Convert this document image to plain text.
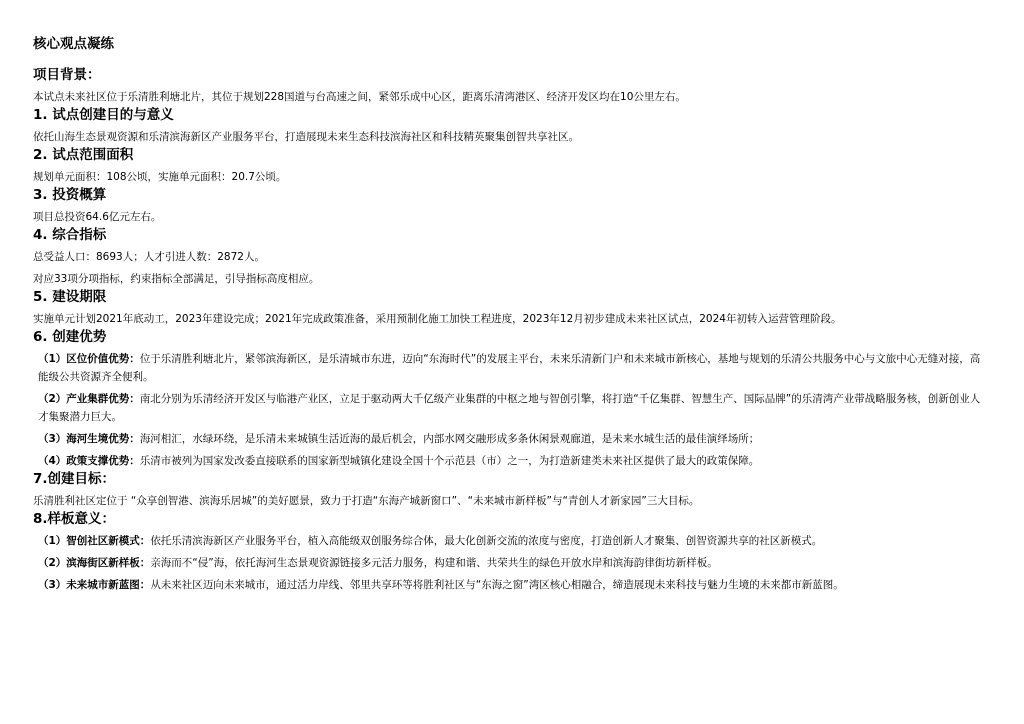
核心观点凝练
项目背景：
本试点未来社区位于乐清胜利塘北片，其位于规划228国道与台高速之间，紧邻乐成中心区，距离乐清湾港区、经济开发区均在10公里左右。
1. 试点创建目的与意义
依托山海生态景观资源和乐清滨海新区产业服务平台，打造展现未来生态科技滨海社区和科技精英聚集创智共享社区。
2. 试点范围面积
规划单元面积：108公顷，实施单元面积：20.7公顷。
3. 投资概算
项目总投资64.6亿元左右。
4. 综合指标
总受益人口：8693人；人才引进人数：2872人。
对应33项分项指标，约束指标全部满足，引导指标高度相应。
5. 建设期限
实施单元计划2021年底动工，2023年建设完成；2021年完成政策准备，采用预制化施工加快工程进度，2023年12月初步建成未来社区试点，2024年初转入运营管理阶段。
6. 创建优势
（1）区位价值优势：位于乐清胜利塘北片，紧邻滨海新区，是乐清城市东进，迈向“东海时代”的发展主平台，未来乐清新门户和未来城市新核心，基地与规划的乐清公共服务中心与文旅中心无缝对接，高能级公共资源齐全便利。
（2）产业集群优势：南北分别为乐清经济开发区与临港产业区，立足于驱动两大千亿级产业集群的中枢之地与智创引擎，将打造“千亿集群、智慧生产、国际品牌”的乐清湾产业带战略服务核，创新创业人才集聚潜力巨大。
（3）海河生境优势：海河相汇，水绿环绕，是乐清未来城镇生活近海的最后机会，内部水网交融形成多条休闲景观廊道，是未来水城生活的最佳演绎场所；
（4）政策支撑优势：乐清市被列为国家发改委直接联系的国家新型城镇化建设全国十个示范县（市）之一，为打造新建类未来社区提供了最大的政策保障。
7.创建目标：
乐清胜利社区定位于 “众享创智港、滨海乐居城”的美好愿景，致力于打造“东海产城新窗口”、“未来城市新样板”与“青创人才新家园”三大目标。
8.样板意义：
（1）智创社区新模式：依托乐清滨海新区产业服务平台，植入高能级双创服务综合体，最大化创新交流的浓度与密度，打造创新人才聚集、创智资源共享的社区新模式。
（2）滨海街区新样板：亲海而不“侵”海，依托海河生态景观资源链接多元活力服务，构建和谐、共荣共生的绿色开放水岸和滨海韵律街坊新样板。
（3）未来城市新蓝图：从未来社区迈向未来城市，通过活力岸线、邻里共享环等将胜利社区与“东海之窗”湾区核心相融合，缔造展现未来科技与魅力生境的未来都市新蓝图。
